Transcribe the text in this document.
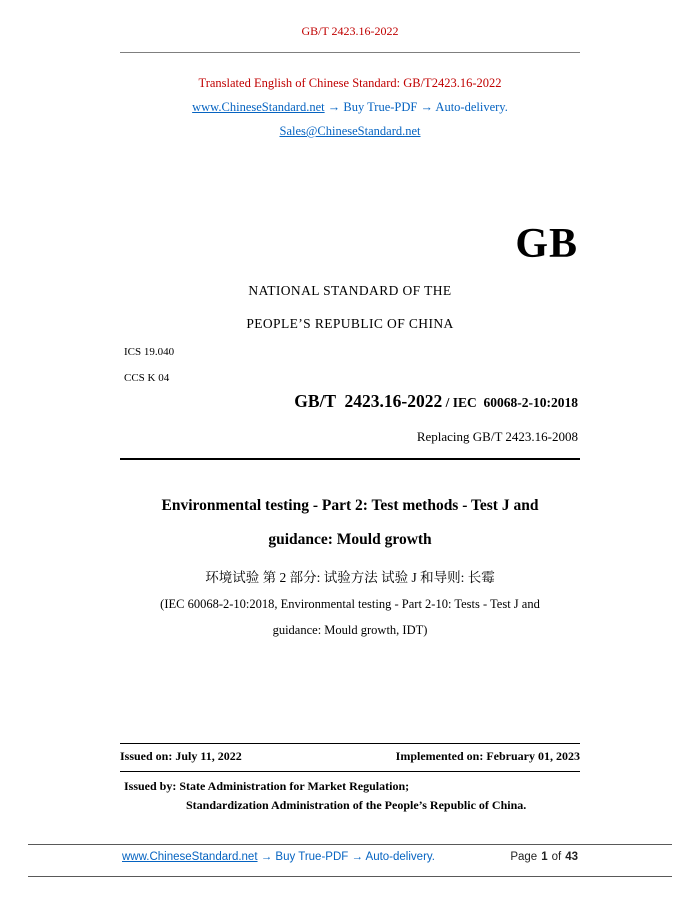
GB/T 2423.16-2022
Translated English of Chinese Standard: GB/T2423.16-2022
www.ChineseStandard.net → Buy True-PDF → Auto-delivery.
Sales@ChineseStandard.net
GB
NATIONAL STANDARD OF THE
PEOPLE’S REPUBLIC OF CHINA
ICS 19.040
CCS K 04
GB/T  2423.16-2022 / IEC  60068-2-10:2018
Replacing GB/T 2423.16-2008
Environmental testing - Part 2: Test methods - Test J and
guidance: Mould growth
环境试验 第 2 部分: 试验方法 试验 J 和导则: 长霉
(IEC 60068-2-10:2018, Environmental testing - Part 2-10: Tests - Test J and
guidance: Mould growth, IDT)
Issued on: July 11, 2022	Implemented on: February 01, 2023
Issued by: State Administration for Market Regulation;
Standardization Administration of the People’s Republic of China.
www.ChineseStandard.net → Buy True-PDF → Auto-delivery.	Page 1 of 43
